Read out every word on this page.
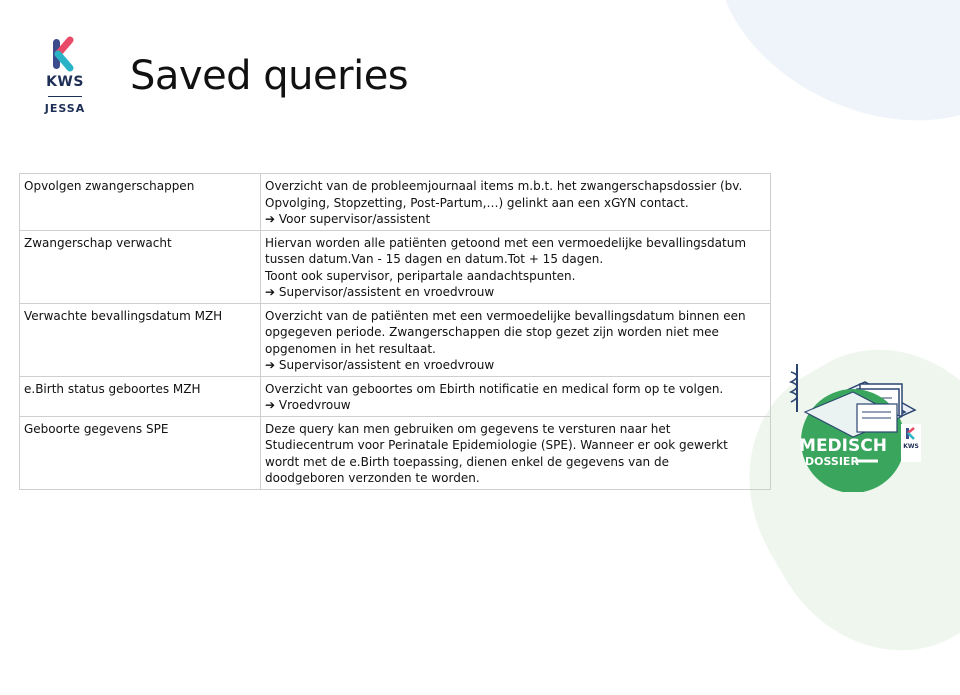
KWS
JESSA
Saved queries
Opvolgen zwangerschappen	Overzicht van de probleemjournaal items m.b.t. het zwangerschapsdossier (bv.
Opvolging, Stopzetting, Post-Partum,…) gelinkt aan een xGYN contact.
➔ Voor supervisor/assistent

Zwangerschap verwacht	Hiervan worden alle patiënten getoond met een vermoedelijke bevallingsdatum
tussen datum.Van - 15 dagen en datum.Tot + 15 dagen.
Toont ook supervisor, peripartale aandachtspunten.
➔ Supervisor/assistent en vroedvrouw

Verwachte bevallingsdatum MZH	Overzicht van de patiënten met een vermoedelijke bevallingsdatum binnen een
opgegeven periode. Zwangerschappen die stop gezet zijn worden niet mee
opgenomen in het resultaat.
➔ Supervisor/assistent en vroedvrouw

e.Birth status geboortes MZH	Overzicht van geboortes om Ebirth notificatie en medical form op te volgen.
➔ Vroedvrouw

Geboorte gegevens SPE	Deze query kan men gebruiken om gegevens te versturen naar het
Studiecentrum voor Perinatale Epidemiologie (SPE). Wanneer er ook gewerkt
wordt met de e.Birth toepassing, dienen enkel de gegevens van de
doodgeboren verzonden te worden.
MEDISCH
DOSSIER
KWS
